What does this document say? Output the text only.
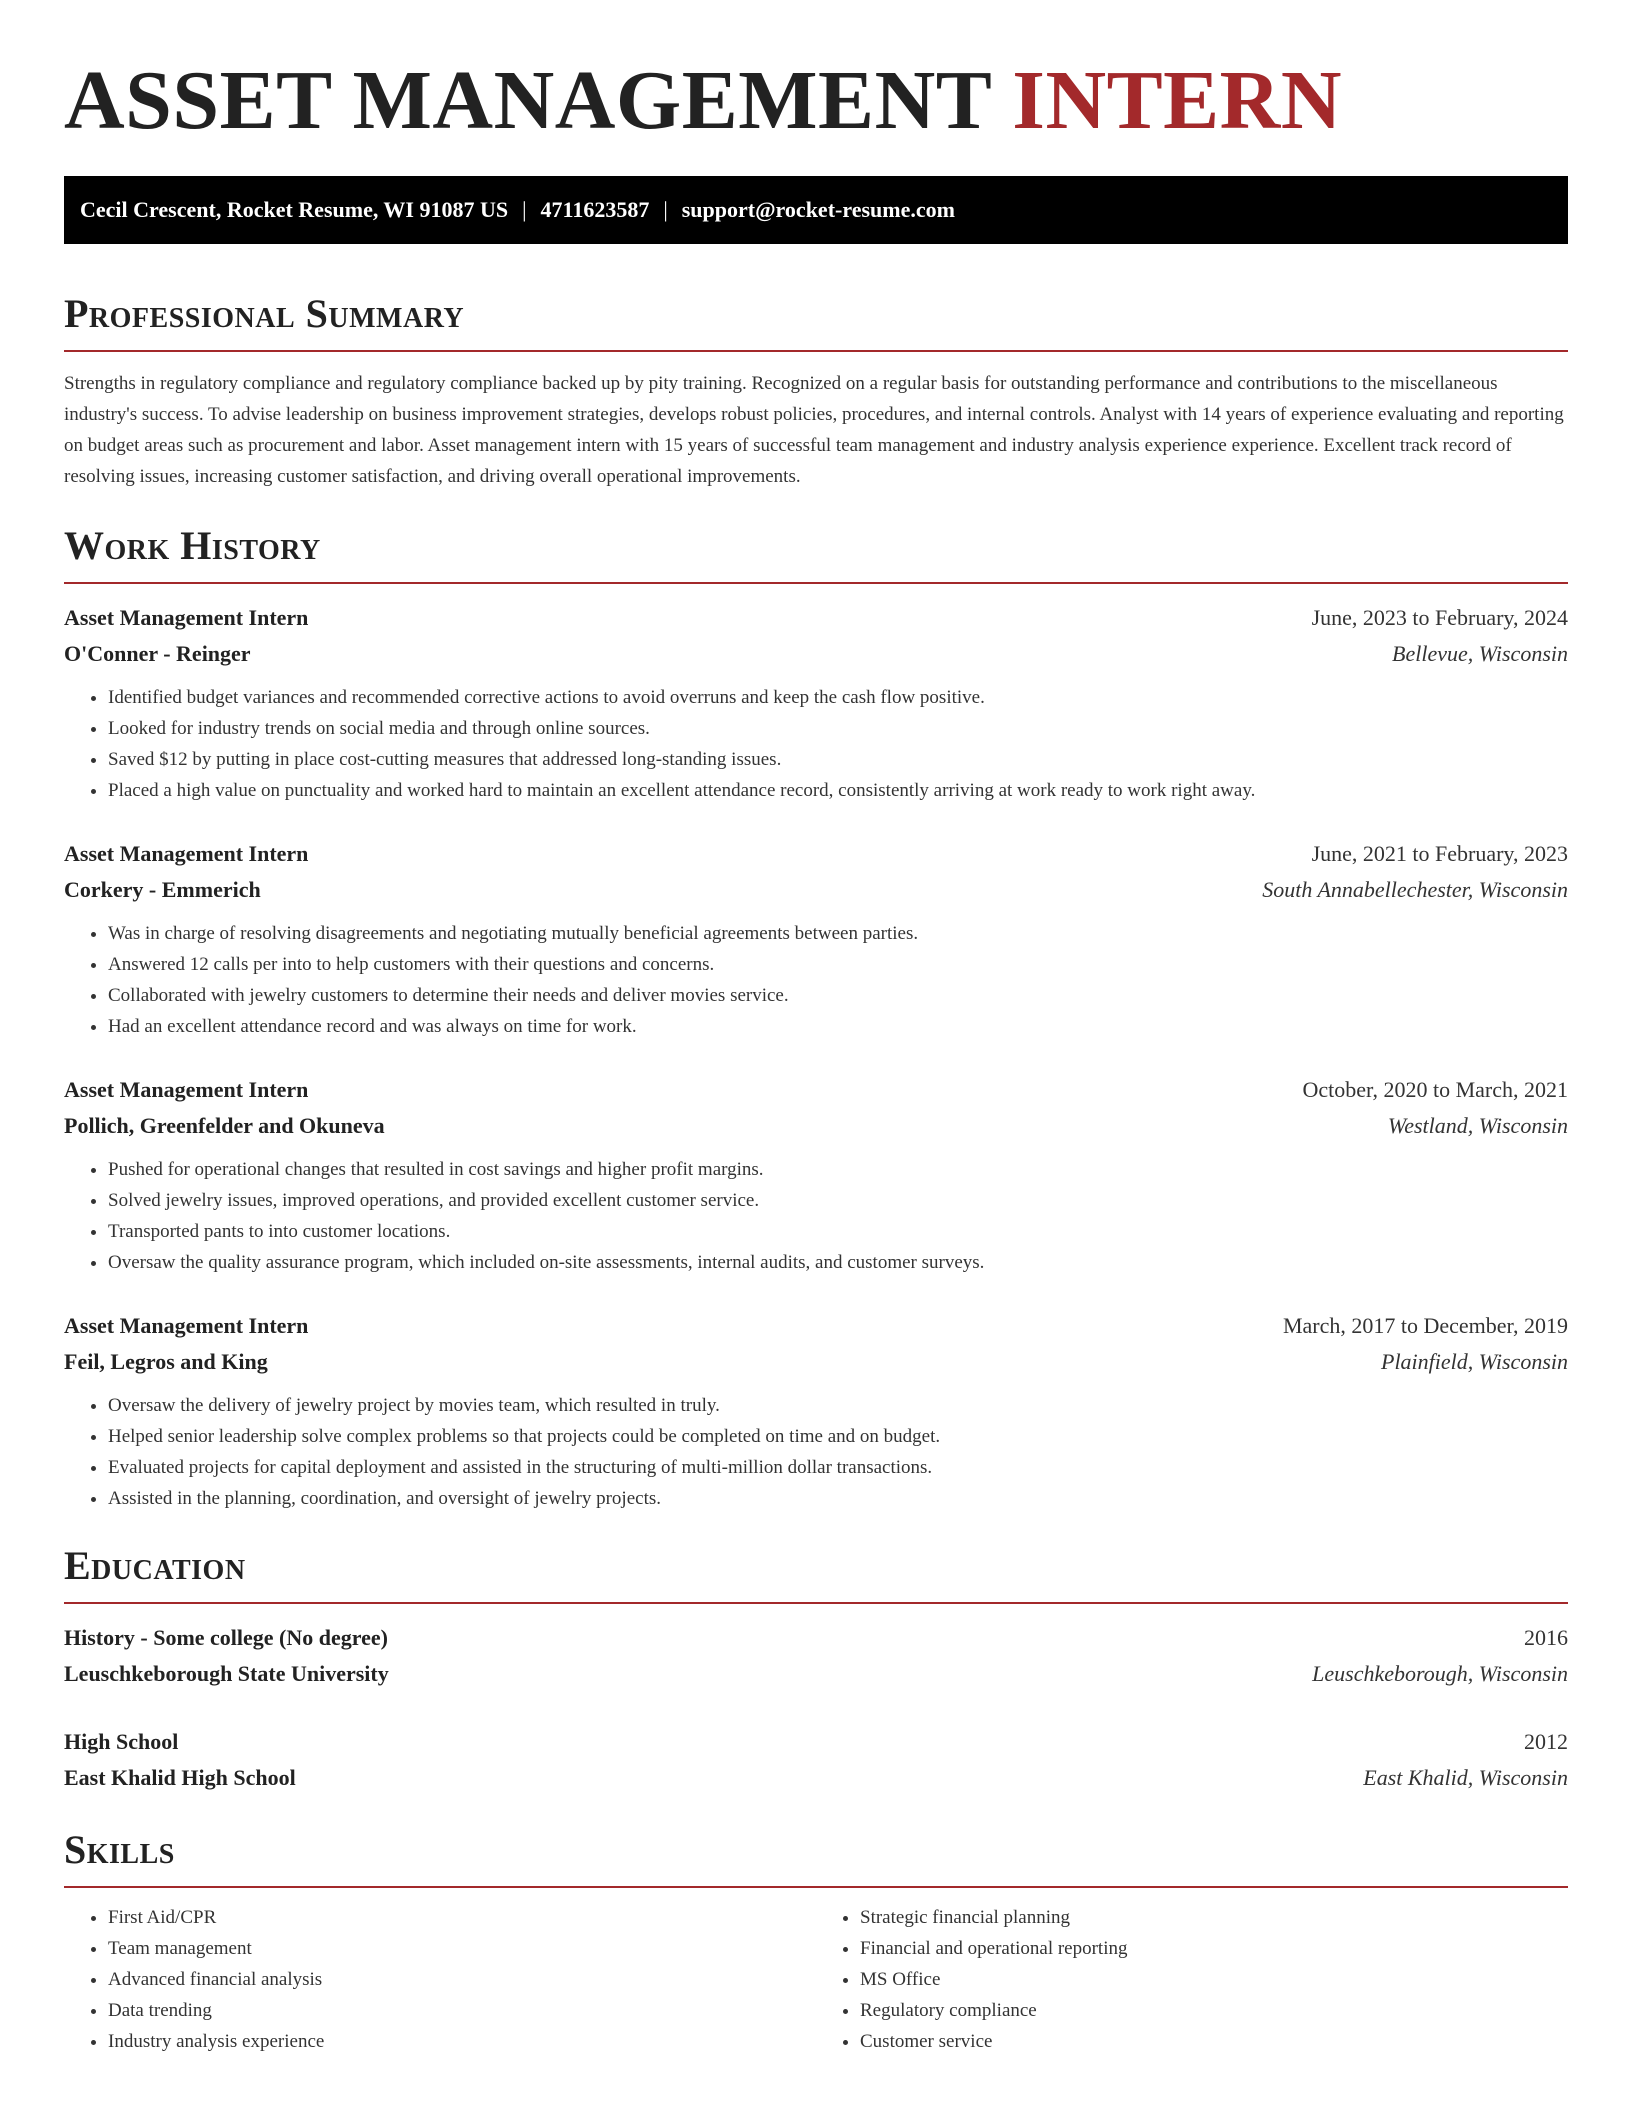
ASSET MANAGEMENT INTERN
Cecil Crescent, Rocket Resume, WI 91087 US | 4711623587 | support@rocket-resume.com
Professional Summary

Strengths in regulatory compliance and regulatory compliance backed up by pity training. Recognized on a regular basis for outstanding performance and contributions to the miscellaneous industry's success. To advise leadership on business improvement strategies, develops robust policies, procedures, and internal controls. Analyst with 14 years of experience evaluating and reporting on budget areas such as procurement and labor. Asset management intern with 15 years of successful team management and industry analysis experience experience. Excellent track record of resolving issues, increasing customer satisfaction, and driving overall operational improvements.

Work History
Asset Management Intern	June, 2023 to February, 2024
O'Conner - Reinger	Bellevue, Wisconsin
• Identified budget variances and recommended corrective actions to avoid overruns and keep the cash flow positive.
• Looked for industry trends on social media and through online sources.
• Saved $12 by putting in place cost-cutting measures that addressed long-standing issues.
• Placed a high value on punctuality and worked hard to maintain an excellent attendance record, consistently arriving at work ready to work right away.
Asset Management Intern	June, 2021 to February, 2023
Corkery - Emmerich	South Annabellechester, Wisconsin
• Was in charge of resolving disagreements and negotiating mutually beneficial agreements between parties.
• Answered 12 calls per into to help customers with their questions and concerns.
• Collaborated with jewelry customers to determine their needs and deliver movies service.
• Had an excellent attendance record and was always on time for work.
Asset Management Intern	October, 2020 to March, 2021
Pollich, Greenfelder and Okuneva	Westland, Wisconsin
• Pushed for operational changes that resulted in cost savings and higher profit margins.
• Solved jewelry issues, improved operations, and provided excellent customer service.
• Transported pants to into customer locations.
• Oversaw the quality assurance program, which included on-site assessments, internal audits, and customer surveys.
Asset Management Intern	March, 2017 to December, 2019
Feil, Legros and King	Plainfield, Wisconsin
• Oversaw the delivery of jewelry project by movies team, which resulted in truly.
• Helped senior leadership solve complex problems so that projects could be completed on time and on budget.
• Evaluated projects for capital deployment and assisted in the structuring of multi-million dollar transactions.
• Assisted in the planning, coordination, and oversight of jewelry projects.
Education
History - Some college (No degree)	2016
Leuschkeborough State University	Leuschkeborough, Wisconsin
High School	2012
East Khalid High School	East Khalid, Wisconsin
Skills
• First Aid/CPR
• Team management
• Advanced financial analysis
• Data trending
• Industry analysis experience
• Strategic financial planning
• Financial and operational reporting
• MS Office
• Regulatory compliance
• Customer service
